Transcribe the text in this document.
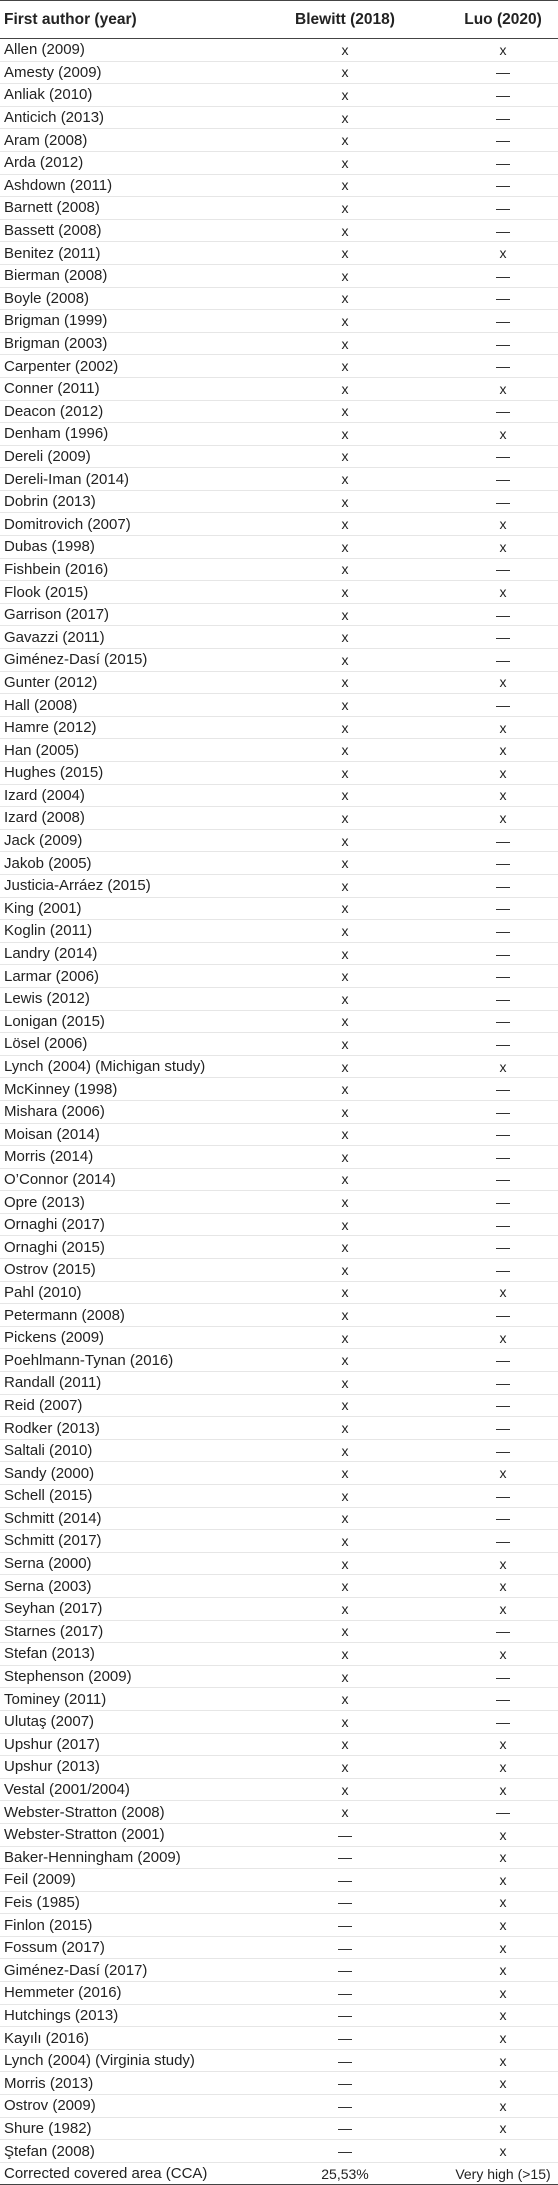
First author (year)	Blewitt (2018)	Luo (2020)
Allen (2009)	x	x
Amesty (2009)	x	—
Anliak (2010)	x	—
Anticich (2013)	x	—
Aram (2008)	x	—
Arda (2012)	x	—
Ashdown (2011)	x	—
Barnett (2008)	x	—
Bassett (2008)	x	—
Benitez (2011)	x	x
Bierman (2008)	x	—
Boyle (2008)	x	—
Brigman (1999)	x	—
Brigman (2003)	x	—
Carpenter (2002)	x	—
Conner (2011)	x	x
Deacon (2012)	x	—
Denham (1996)	x	x
Dereli (2009)	x	—
Dereli-Iman (2014)	x	—
Dobrin (2013)	x	—
Domitrovich (2007)	x	x
Dubas (1998)	x	x
Fishbein (2016)	x	—
Flook (2015)	x	x
Garrison (2017)	x	—
Gavazzi (2011)	x	—
Giménez-Dasí (2015)	x	—
Gunter (2012)	x	x
Hall (2008)	x	—
Hamre (2012)	x	x
Han (2005)	x	x
Hughes (2015)	x	x
Izard (2004)	x	x
Izard (2008)	x	x
Jack (2009)	x	—
Jakob (2005)	x	—
Justicia-Arráez (2015)	x	—
King (2001)	x	—
Koglin (2011)	x	—
Landry (2014)	x	—
Larmar (2006)	x	—
Lewis (2012)	x	—
Lonigan (2015)	x	—
Lösel (2006)	x	—
Lynch (2004) (Michigan study)	x	x
McKinney (1998)	x	—
Mishara (2006)	x	—
Moisan (2014)	x	—
Morris (2014)	x	—
O’Connor (2014)	x	—
Opre (2013)	x	—
Ornaghi (2017)	x	—
Ornaghi (2015)	x	—
Ostrov (2015)	x	—
Pahl (2010)	x	x
Petermann (2008)	x	—
Pickens (2009)	x	x
Poehlmann-Tynan (2016)	x	—
Randall (2011)	x	—
Reid (2007)	x	—
Rodker (2013)	x	—
Saltali (2010)	x	—
Sandy (2000)	x	x
Schell (2015)	x	—
Schmitt (2014)	x	—
Schmitt (2017)	x	—
Serna (2000)	x	x
Serna (2003)	x	x
Seyhan (2017)	x	x
Starnes (2017)	x	—
Stefan (2013)	x	x
Stephenson (2009)	x	—
Tominey (2011)	x	—
Ulutaş (2007)	x	—
Upshur (2017)	x	x
Upshur (2013)	x	x
Vestal (2001/2004)	x	x
Webster-Stratton (2008)	x	—
Webster-Stratton (2001)	—	x
Baker-Henningham (2009)	—	x
Feil (2009)	—	x
Feis (1985)	—	x
Finlon (2015)	—	x
Fossum (2017)	—	x
Giménez-Dasí (2017)	—	x
Hemmeter (2016)	—	x
Hutchings (2013)	—	x
Kayılı (2016)	—	x
Lynch (2004) (Virginia study)	—	x
Morris (2013)	—	x
Ostrov (2009)	—	x
Shure (1982)	—	x
Ştefan (2008)	—	x
Corrected covered area (CCA)	25,53%	Very high (>15)
